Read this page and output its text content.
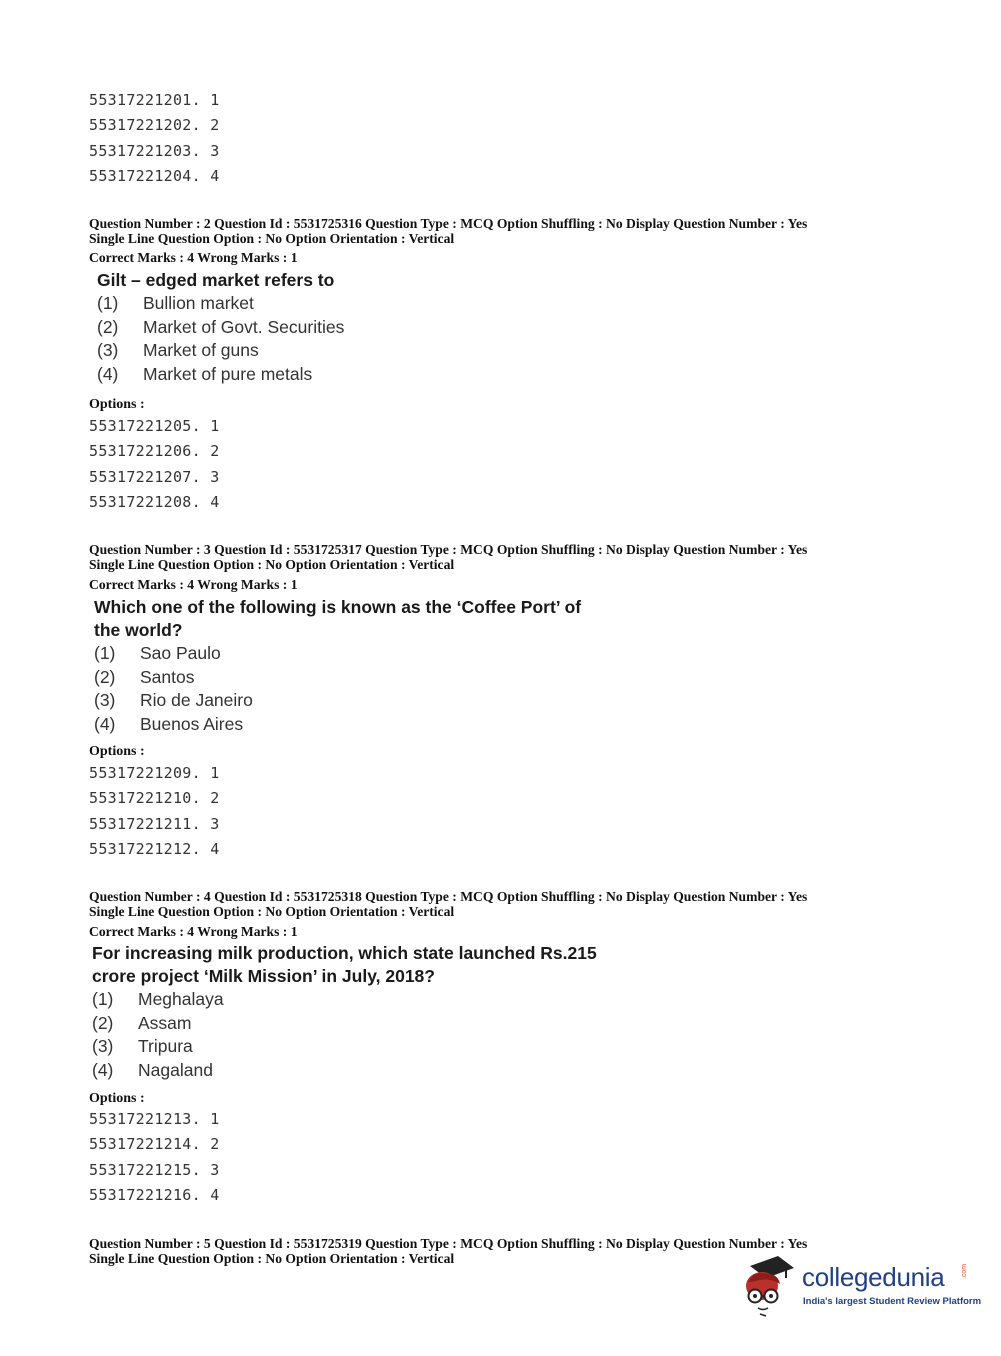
55317221201. 1
55317221202. 2
55317221203. 3
55317221204. 4
Question Number : 2 Question Id : 5531725316 Question Type : MCQ Option Shuffling : No Display Question Number : Yes
Single Line Question Option : No Option Orientation : Vertical
Correct Marks : 4 Wrong Marks : 1
Gilt – edged market refers to
(1)	Bullion market
(2)	Market of Govt. Securities
(3)	Market of guns
(4)	Market of pure metals
Options :
55317221205. 1
55317221206. 2
55317221207. 3
55317221208. 4
Question Number : 3 Question Id : 5531725317 Question Type : MCQ Option Shuffling : No Display Question Number : Yes
Single Line Question Option : No Option Orientation : Vertical
Correct Marks : 4 Wrong Marks : 1
Which one of the following is known as the ‘Coffee Port’ of
the world?
(1)	Sao Paulo
(2)	Santos
(3)	Rio de Janeiro
(4)	Buenos Aires
Options :
55317221209. 1
55317221210. 2
55317221211. 3
55317221212. 4
Question Number : 4 Question Id : 5531725318 Question Type : MCQ Option Shuffling : No Display Question Number : Yes
Single Line Question Option : No Option Orientation : Vertical
Correct Marks : 4 Wrong Marks : 1
For increasing milk production, which state launched Rs.215
crore project ‘Milk Mission’ in July, 2018?
(1)	Meghalaya
(2)	Assam
(3)	Tripura
(4)	Nagaland
Options :
55317221213. 1
55317221214. 2
55317221215. 3
55317221216. 4
Question Number : 5 Question Id : 5531725319 Question Type : MCQ Option Shuffling : No Display Question Number : Yes
Single Line Question Option : No Option Orientation : Vertical
collegedunia .com
India's largest Student Review Platform
